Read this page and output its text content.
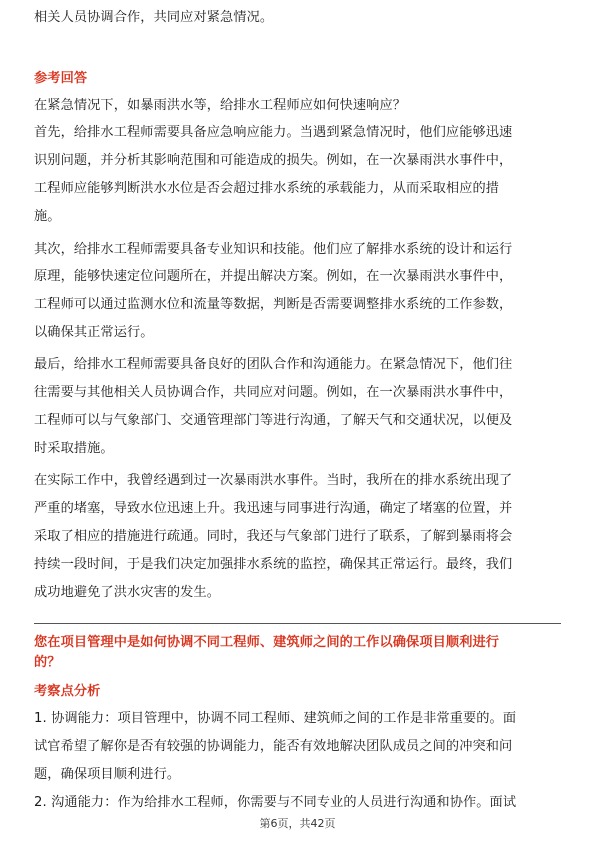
相关人员协调合作，共同应对紧急情况。
参考回答
在紧急情况下，如暴雨洪水等，给排水工程师应如何快速响应？
首先，给排水工程师需要具备应急响应能力。当遇到紧急情况时，他们应能够迅速
识别问题，并分析其影响范围和可能造成的损失。例如，在一次暴雨洪水事件中，
工程师应能够判断洪水水位是否会超过排水系统的承载能力，从而采取相应的措
施。
其次，给排水工程师需要具备专业知识和技能。他们应了解排水系统的设计和运行
原理，能够快速定位问题所在，并提出解决方案。例如，在一次暴雨洪水事件中，
工程师可以通过监测水位和流量等数据，判断是否需要调整排水系统的工作参数，
以确保其正常运行。
最后，给排水工程师需要具备良好的团队合作和沟通能力。在紧急情况下，他们往
往需要与其他相关人员协调合作，共同应对问题。例如，在一次暴雨洪水事件中，
工程师可以与气象部门、交通管理部门等进行沟通，了解天气和交通状况，以便及
时采取措施。
在实际工作中，我曾经遇到过一次暴雨洪水事件。当时，我所在的排水系统出现了
严重的堵塞，导致水位迅速上升。我迅速与同事进行沟通，确定了堵塞的位置，并
采取了相应的措施进行疏通。同时，我还与气象部门进行了联系，了解到暴雨将会
持续一段时间，于是我们决定加强排水系统的监控，确保其正常运行。最终，我们
成功地避免了洪水灾害的发生。
您在项目管理中是如何协调不同工程师、建筑师之间的工作以确保项目顺利进行
的？
考察点分析
1. 协调能力：项目管理中，协调不同工程师、建筑师之间的工作是非常重要的。面
试官希望了解你是否有较强的协调能力，能否有效地解决团队成员之间的冲突和问
题，确保项目顺利进行。
2. 沟通能力：作为给排水工程师，你需要与不同专业的人员进行沟通和协作。面试
第6页，共42页
